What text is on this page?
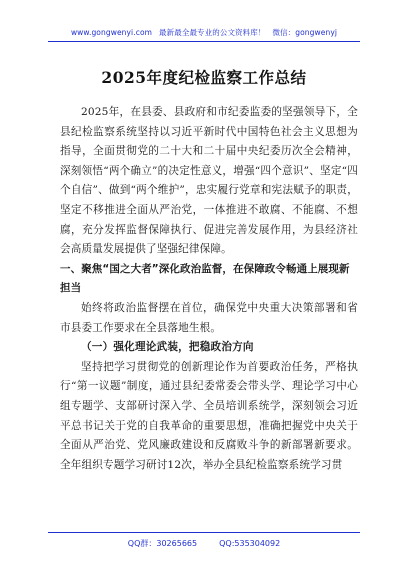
www.gongwenyi.com 最新最全最专业的公文资料库！ 微信：gongwenyj
2025年度纪检监察工作总结

2025年，在县委、县政府和市纪委监委的坚强领导下，全县纪检监察系统坚持以习近平新时代中国特色社会主义思想为指导，全面贯彻党的二十大和二十届中央纪委历次全会精神，深刻领悟“两个确立”的决定性意义，增强“四个意识”、坚定“四个自信”、做到“两个维护”，忠实履行党章和宪法赋予的职责，坚定不移推进全面从严治党，一体推进不敢腐、不能腐、不想腐，充分发挥监督保障执行、促进完善发展作用，为县经济社会高质量发展提供了坚强纪律保障。

一、聚焦“国之大者”深化政治监督，在保障政令畅通上展现新担当

始终将政治监督摆在首位，确保党中央重大决策部署和省市县委工作要求在全县落地生根。

（一）强化理论武装，把稳政治方向

坚持把学习贯彻党的创新理论作为首要政治任务，严格执行“第一议题”制度，通过县纪委常委会带头学、理论学习中心组专题学、支部研讨深入学、全员培训系统学，深刻领会习近平总书记关于党的自我革命的重要思想，准确把握党中央关于全面从严治党、党风廉政建设和反腐败斗争的新部署新要求。全年组织专题学习研讨12次，举办全县纪检监察系统学习贯

QQ群：30265665	QQ:535304092
